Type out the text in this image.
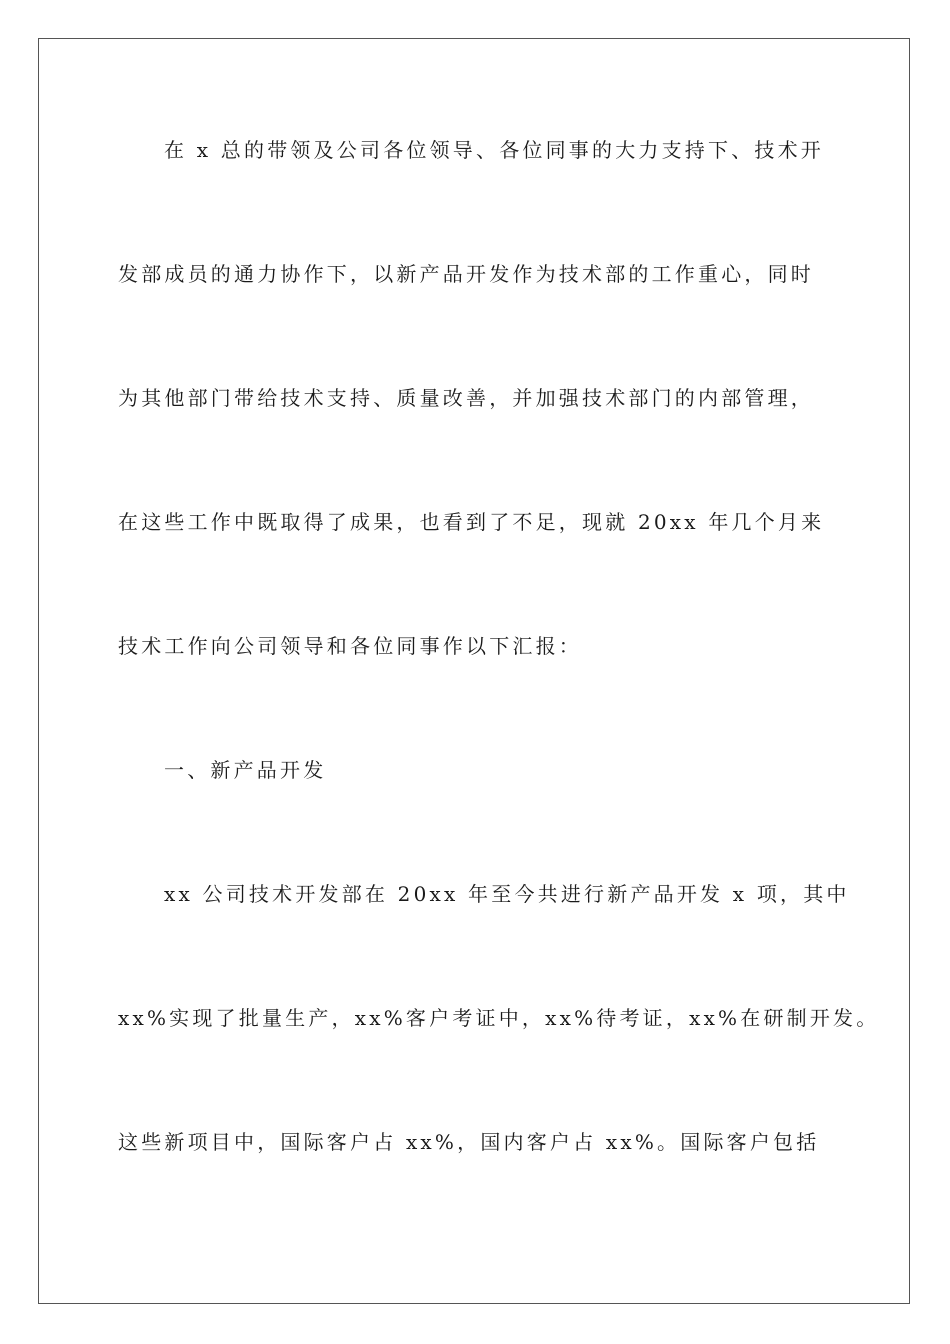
在 x 总的带领及公司各位领导、各位同事的大力支持下、技术开
发部成员的通力协作下，以新产品开发作为技术部的工作重心，同时
为其他部门带给技术支持、质量改善，并加强技术部门的内部管理，
在这些工作中既取得了成果，也看到了不足，现就 20xx 年几个月来
技术工作向公司领导和各位同事作以下汇报：
一、新产品开发
xx 公司技术开发部在 20xx 年至今共进行新产品开发 x 项，其中
xx%实现了批量生产，xx%客户考证中，xx%待考证，xx%在研制开发。
这些新项目中，国际客户占 xx%，国内客户占 xx%。国际客户包括
